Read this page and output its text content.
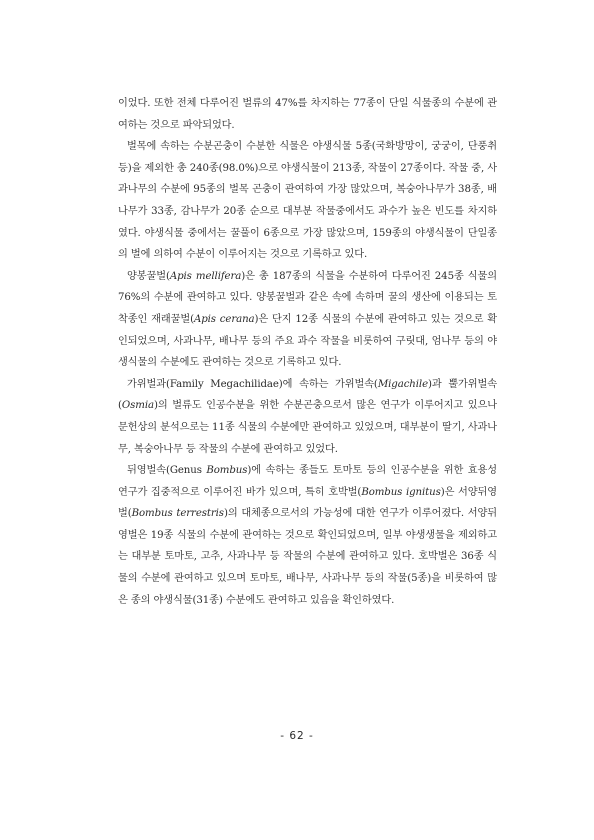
이었다. 또한 전체 다루어진 벌류의 47%를 차지하는 77종이 단일 식물종의 수분에 관여하는 것으로 파악되었다.

벌목에 속하는 수분곤충이 수분한 식물은 야생식물 5종(국화방망이, 궁궁이, 단풍취 등)을 제외한 총 240종(98.0%)으로 야생식물이 213종, 작물이 27종이다. 작물 중, 사과나무의 수분에 95종의 벌목 곤충이 관여하여 가장 많았으며, 복숭아나무가 38종, 배나무가 33종, 감나무가 20종 순으로 대부분 작물중에서도 과수가 높은 빈도를 차지하였다. 야생식물 중에서는 꿀풀이 6종으로 가장 많았으며, 159종의 야생식물이 단일종의 벌에 의하여 수분이 이루어지는 것으로 기록하고 있다.

양봉꿀벌(Apis mellifera)은 총 187종의 식물을 수분하여 다루어진 245종 식물의 76%의 수분에 관여하고 있다. 양봉꿀벌과 같은 속에 속하며 꿀의 생산에 이용되는 토착종인 재래꿀벌(Apis cerana)은 단지 12종 식물의 수분에 관여하고 있는 것으로 확인되었으며, 사과나무, 배나무 등의 주요 과수 작물을 비롯하여 구릿대, 엄나무 등의 야생식물의 수분에도 관여하는 것으로 기록하고 있다.

가위벌과(Family Megachilidae)에 속하는 가위벌속(Migachile)과 뿔가위벌속(Osmia)의 벌류도 인공수분을 위한 수분곤충으로서 많은 연구가 이루어지고 있으나 문헌상의 분석으로는 11종 식물의 수분에만 관여하고 있었으며, 대부분이 딸기, 사과나무, 복숭아나무 등 작물의 수분에 관여하고 있었다.

뒤영벌속(Genus Bombus)에 속하는 종들도 토마토 등의 인공수분을 위한 효용성 연구가 집중적으로 이루어진 바가 있으며, 특히 호박벌(Bombus ignitus)은 서양뒤영벌(Bombus terrestris)의 대체종으로서의 가능성에 대한 연구가 이루어졌다. 서양뒤영벌은 19종 식물의 수분에 관여하는 것으로 확인되었으며, 일부 야생생물을 제외하고는 대부분 토마토, 고추, 사과나무 등 작물의 수분에 관여하고 있다. 호박벌은 36종 식물의 수분에 관여하고 있으며 토마토, 배나무, 사과나무 등의 작물(5종)을 비롯하여 많은 종의 야생식물(31종) 수분에도 관여하고 있음을 확인하였다.

- 62 -
